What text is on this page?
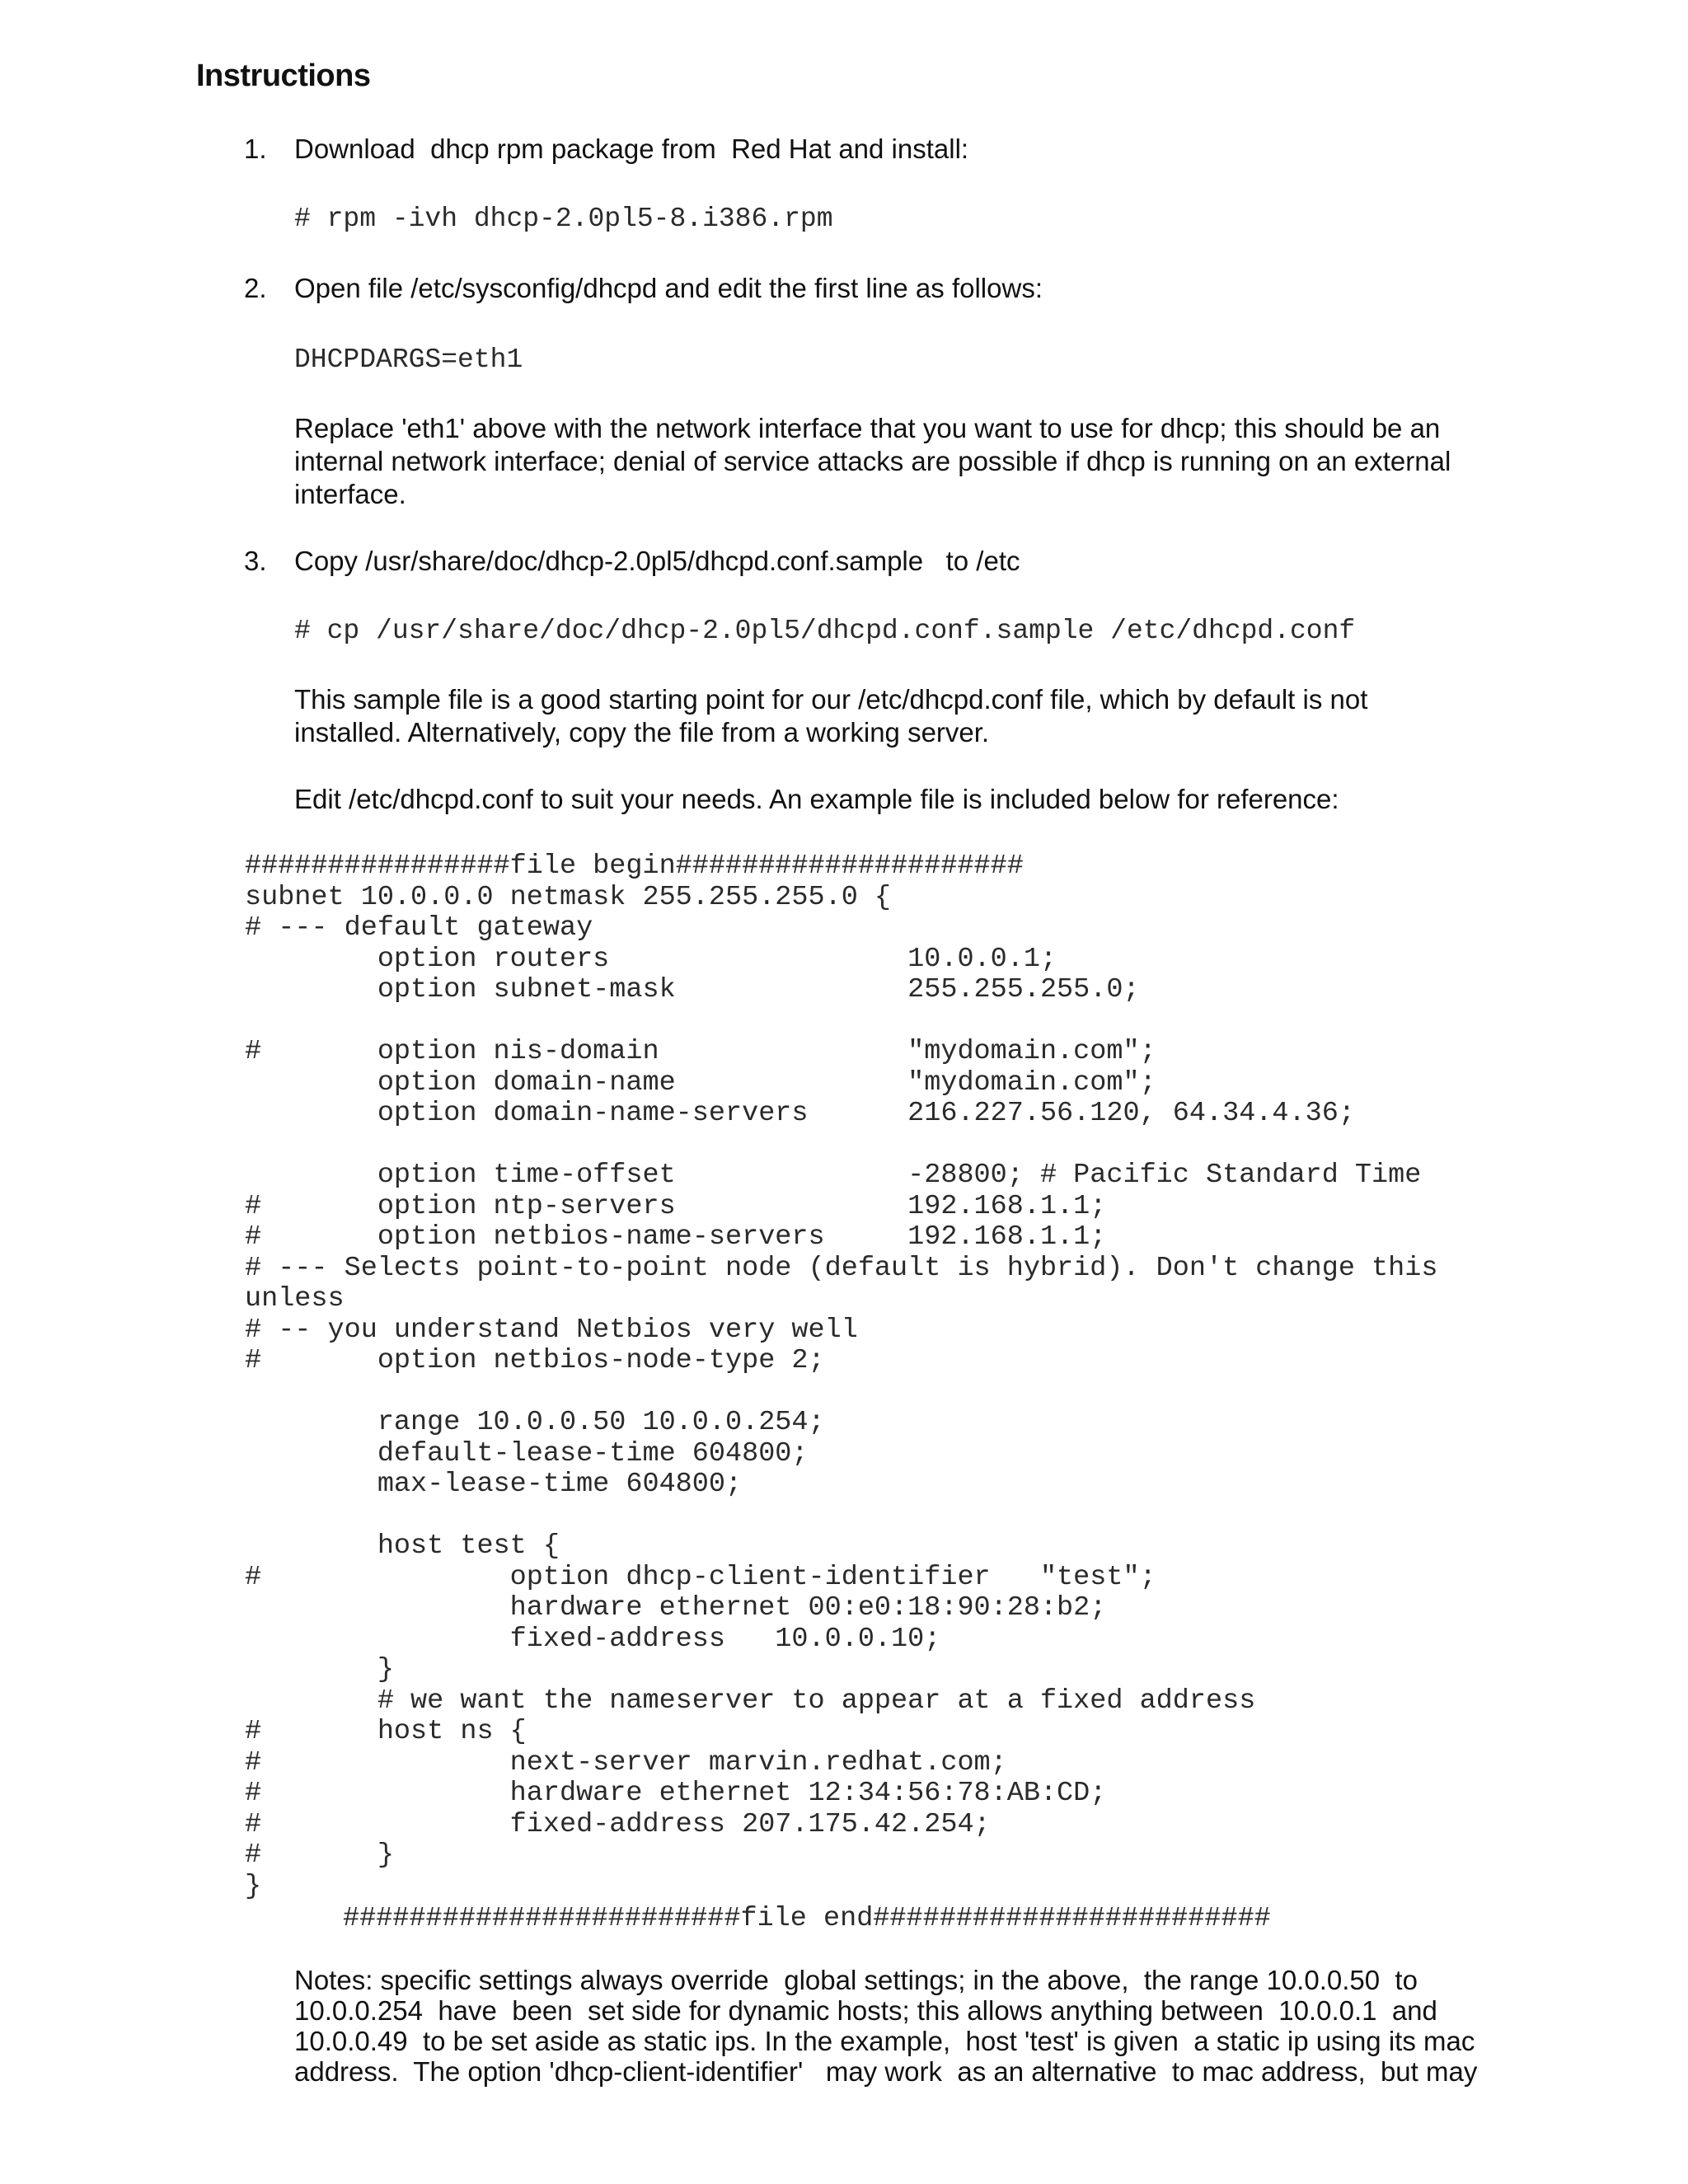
Instructions
1. Download  dhcp rpm package from  Red Hat and install:
# rpm -ivh dhcp-2.0pl5-8.i386.rpm
2. Open file /etc/sysconfig/dhcpd and edit the first line as follows:
DHCPDARGS=eth1
Replace 'eth1' above with the network interface that you want to use for dhcp; this should be an internal network interface; denial of service attacks are possible if dhcp is running on an external interface.
3. Copy /usr/share/doc/dhcp-2.0pl5/dhcpd.conf.sample   to /etc
# cp /usr/share/doc/dhcp-2.0pl5/dhcpd.conf.sample /etc/dhcpd.conf
This sample file is a good starting point for our /etc/dhcpd.conf file, which by default is not installed. Alternatively, copy the file from a working server.
Edit /etc/dhcpd.conf to suit your needs. An example file is included below for reference:
################file begin#####################
subnet 10.0.0.0 netmask 255.255.255.0 {
# --- default gateway
option routers                  10.0.0.1;
option subnet-mask              255.255.255.0;
#       option nis-domain               "mydomain.com";
option domain-name              "mydomain.com";
option domain-name-servers      216.227.56.120, 64.34.4.36;
option time-offset              -28800; # Pacific Standard Time
#       option ntp-servers              192.168.1.1;
#       option netbios-name-servers     192.168.1.1;
# --- Selects point-to-point node (default is hybrid). Don't change this
unless
# -- you understand Netbios very well
#       option netbios-node-type 2;
range 10.0.0.50 10.0.0.254;
default-lease-time 604800;
max-lease-time 604800;
host test {
#               option dhcp-client-identifier   "test";
hardware ethernet 00:e0:18:90:28:b2;
fixed-address   10.0.0.10;
}
# we want the nameserver to appear at a fixed address
#       host ns {
#               next-server marvin.redhat.com;
#               hardware ethernet 12:34:56:78:AB:CD;
#               fixed-address 207.175.42.254;
#       }
}
########################file end########################
Notes: specific settings always override  global settings; in the above,  the range 10.0.0.50  to
10.0.0.254  have  been  set side for dynamic hosts; this allows anything between  10.0.0.1  and
10.0.0.49  to be set aside as static ips. In the example,  host 'test' is given  a static ip using its mac
address.  The option 'dhcp-client-identifier'   may work  as an alternative  to mac address,  but may
